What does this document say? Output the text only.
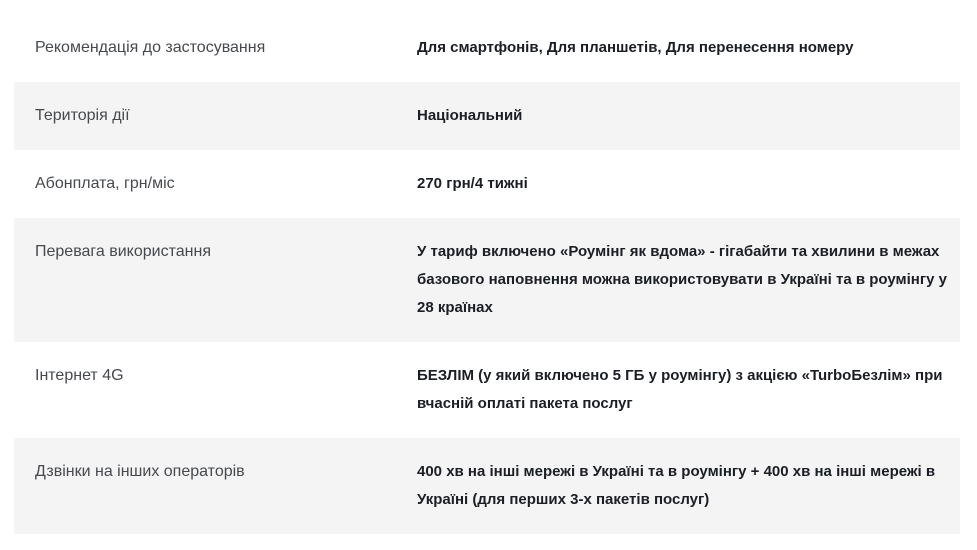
Рекомендація до застосування	Для смартфонів, Для планшетів, Для перенесення номеру
Територія дії	Національний
Абонплата, грн/міс	270 грн/4 тижні
Перевага використання	У тариф включено «Роумінг як вдома» - гігабайти та хвилини в межах базового наповнення можна використовувати в Україні та в роумінгу у 28 країнах
Інтернет 4G	БЕЗЛІМ (у який включено 5 ГБ у роумінгу) з акцією «TurboБезлім» при вчасній оплаті пакета послуг
Дзвінки на інших операторів	400 хв на інші мережі в Україні та в роумінгу + 400 хв на інші мережі в Україні (для перших 3-х пакетів послуг)
